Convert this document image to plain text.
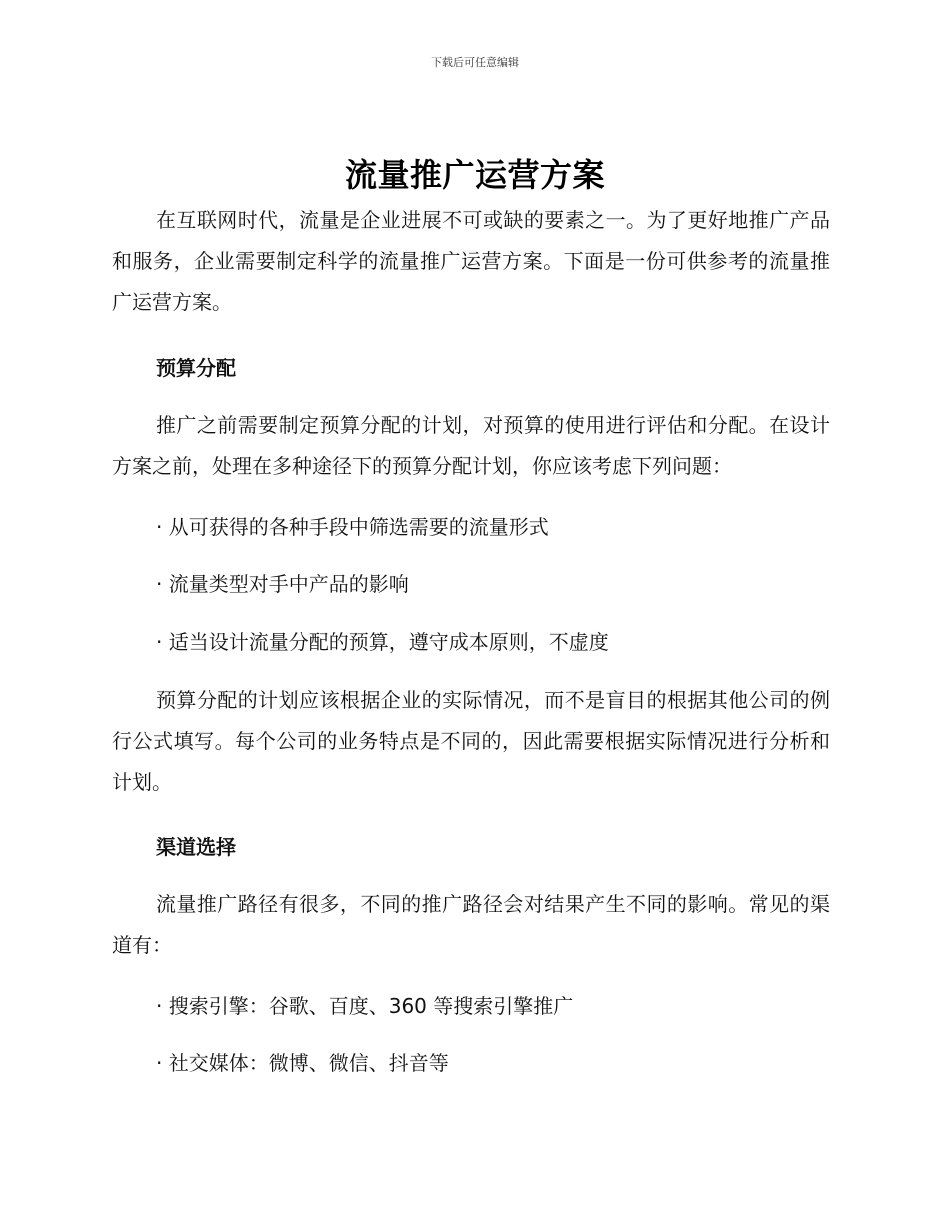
下载后可任意编辑
流量推广运营方案

在互联网时代，流量是企业进展不可或缺的要素之一。为了更好地推广产品和服务，企业需要制定科学的流量推广运营方案。下面是一份可供参考的流量推广运营方案。

预算分配

推广之前需要制定预算分配的计划，对预算的使用进行评估和分配。在设计方案之前，处理在多种途径下的预算分配计划，你应该考虑下列问题：

· 从可获得的各种手段中筛选需要的流量形式

· 流量类型对手中产品的影响

· 适当设计流量分配的预算，遵守成本原则，不虚度

预算分配的计划应该根据企业的实际情况，而不是盲目的根据其他公司的例行公式填写。每个公司的业务特点是不同的，因此需要根据实际情况进行分析和计划。

渠道选择

流量推广路径有很多，不同的推广路径会对结果产生不同的影响。常见的渠道有：

· 搜索引擎：谷歌、百度、360 等搜索引擎推广

· 社交媒体：微博、微信、抖音等
